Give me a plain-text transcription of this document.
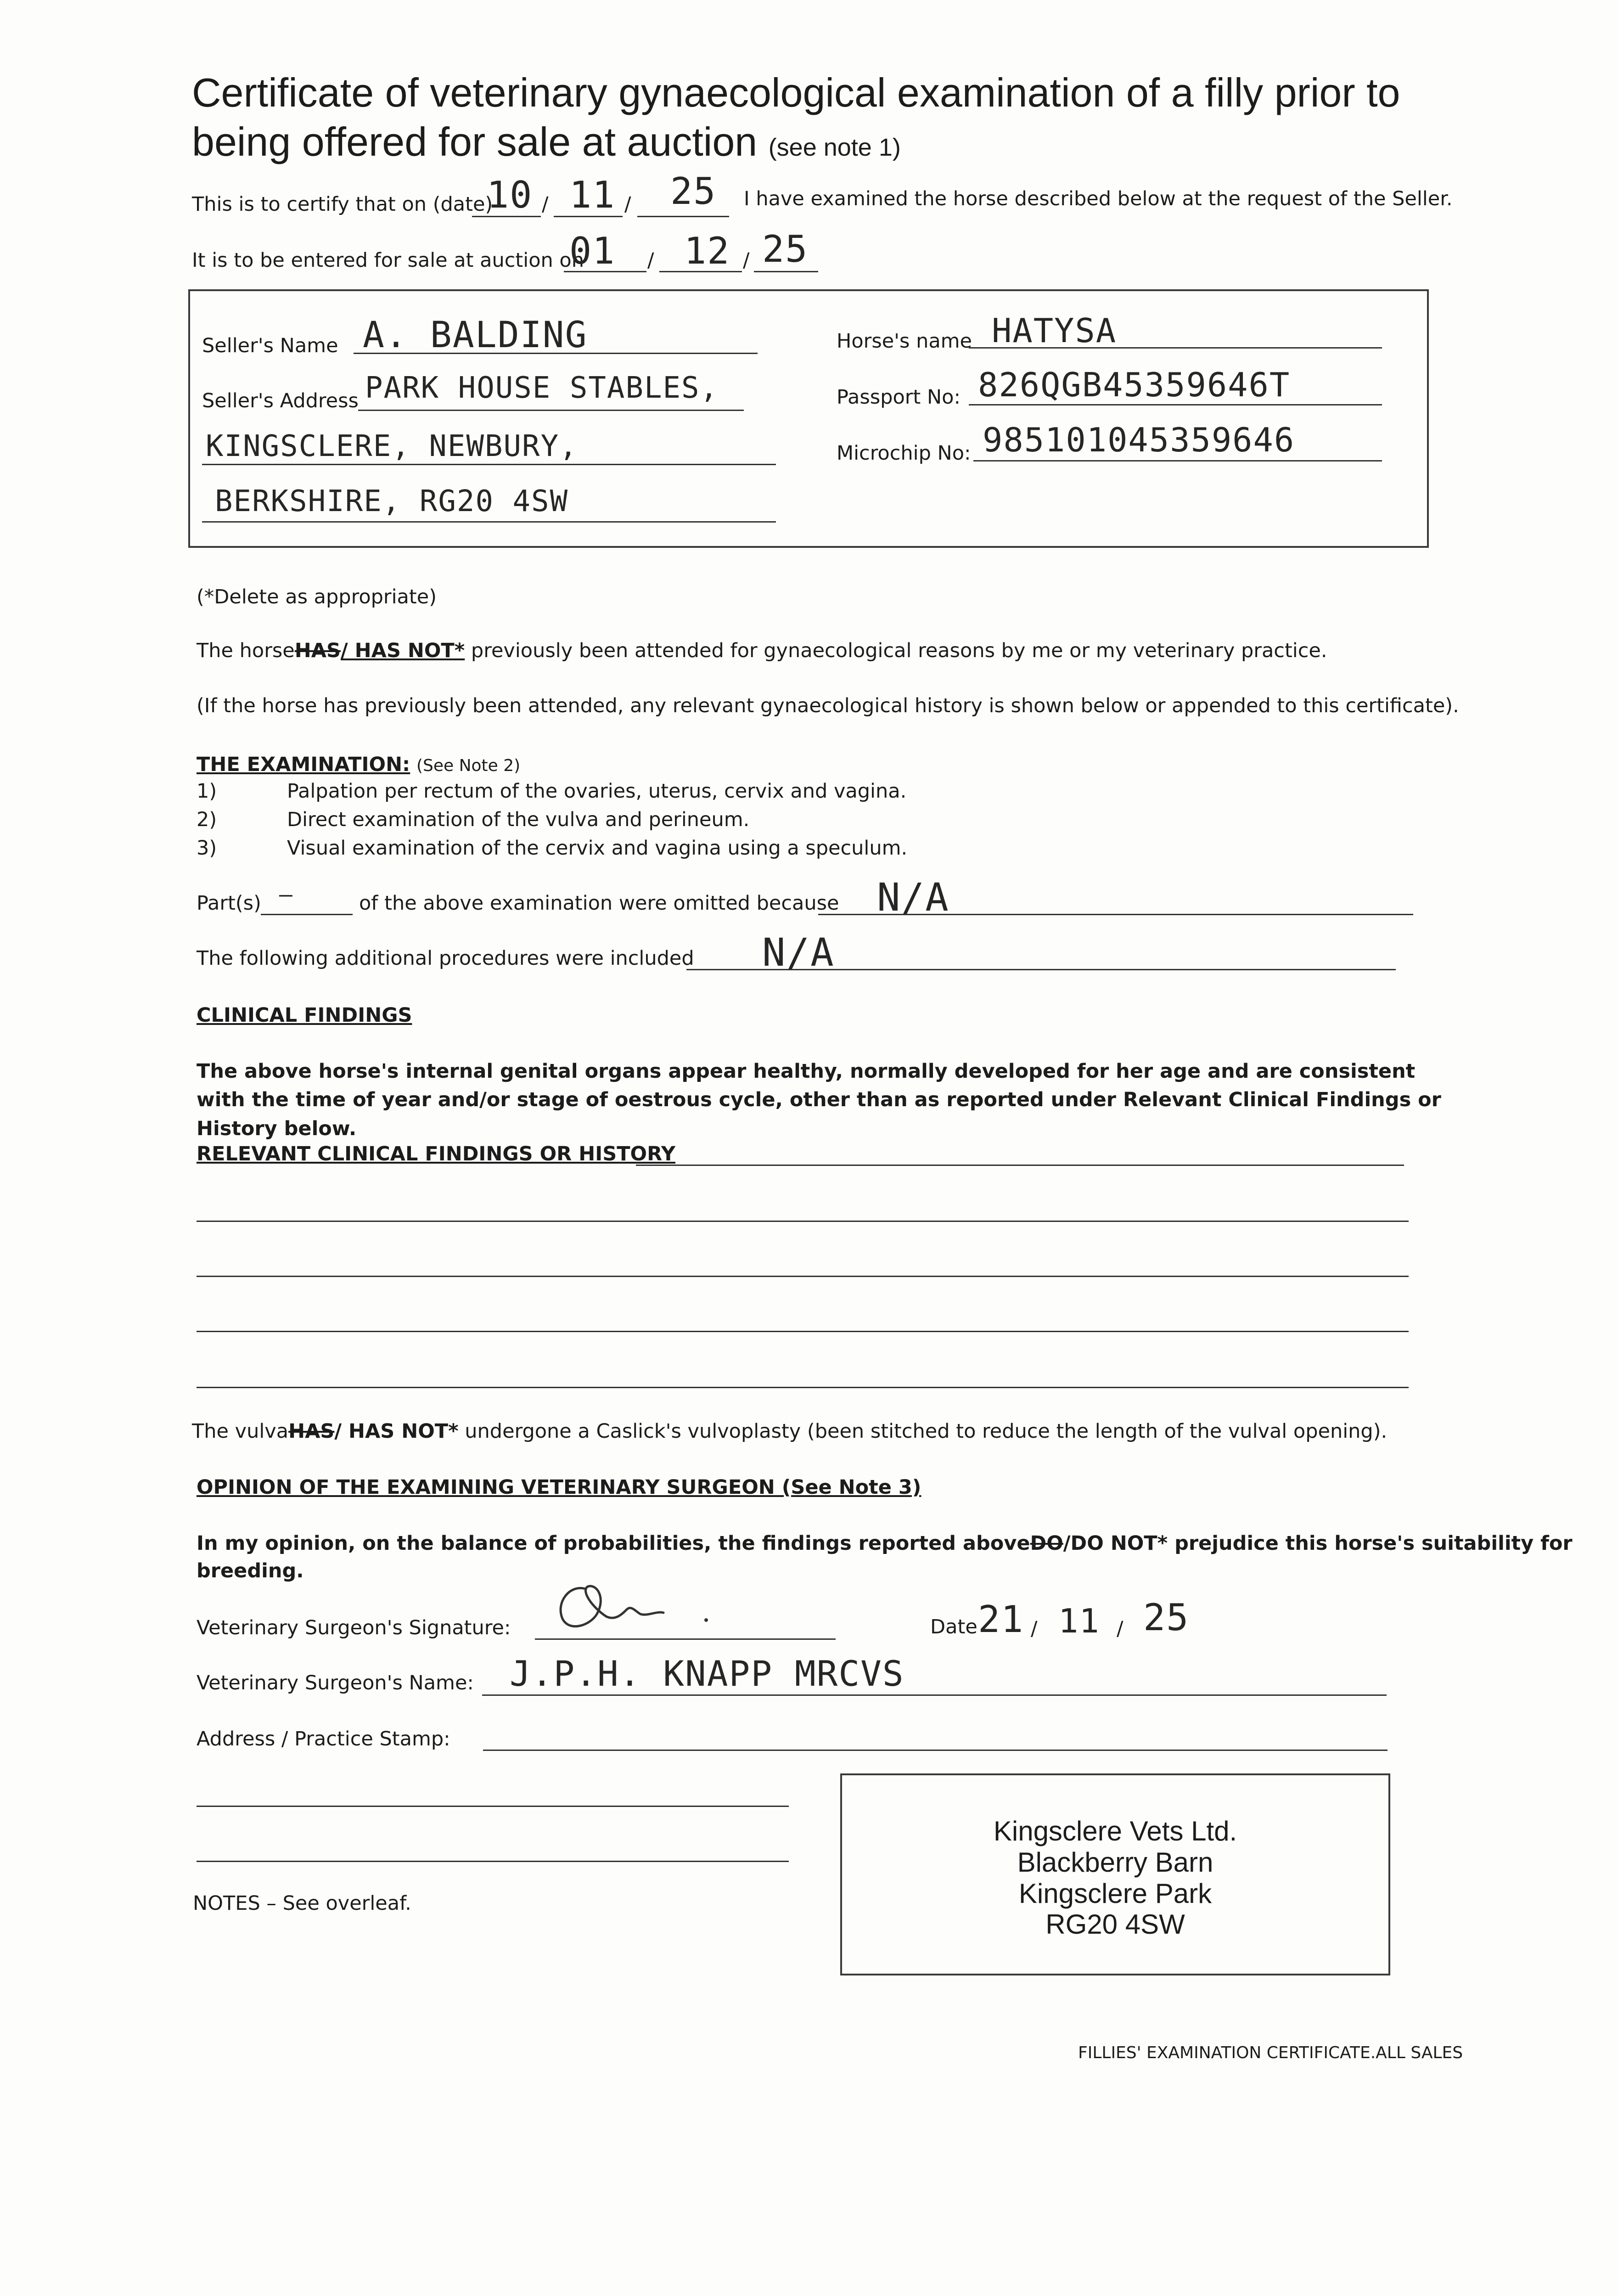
Certificate of veterinary gynaecological examination of a filly prior to being offered for sale at auction (see note 1)
This is to certify that on (date)
10 / 11 / 25 I have examined the horse described below at the request of the Seller.
It is to be entered for sale at auction on
01 / 12 / 25
Seller's Name A. BALDING
Seller's Address PARK HOUSE STABLES,
KINGSCLERE, NEWBURY,
BERKSHIRE, RG20 4SW
Horse's name HATYSA
Passport No: 826QGB45359646T
Microchip No: 985101045359646
(*Delete as appropriate)
The horseHAS/ HAS NOT* previously been attended for gynaecological reasons by me or my veterinary practice.
(If the horse has previously been attended, any relevant gynaecological history is shown below or appended to this certificate).
THE EXAMINATION: (See Note 2)
1)	Palpation per rectum of the ovaries, uterus, cervix and vagina.
2)	Direct examination of the vulva and perineum.
3)	Visual examination of the cervix and vagina using a speculum.
Part(s) —	of the above examination were omitted because N/A
The following additional procedures were included N/A
CLINICAL FINDINGS
The above horse's internal genital organs appear healthy, normally developed for her age and are consistent with the time of year and/or stage of oestrous cycle, other than as reported under Relevant Clinical Findings or History below.
RELEVANT CLINICAL FINDINGS OR HISTORY
The vulvaHAS/ HAS NOT* undergone a Caslick's vulvoplasty (been stitched to reduce the length of the vulval opening).
OPINION OF THE EXAMINING VETERINARY SURGEON (See Note 3)
In my opinion, on the balance of probabilities, the findings reported aboveDO/DO NOT* prejudice this horse's suitability for
breeding.
Veterinary Surgeon's Signature:	Date 21 / 11 / 25
Veterinary Surgeon's Name: J.P.H. KNAPP MRCVS
Address / Practice Stamp:
NOTES – See overleaf.
Kingsclere Vets Ltd.
Blackberry Barn
Kingsclere Park
RG20 4SW
FILLIES' EXAMINATION CERTIFICATE.ALL SALES
